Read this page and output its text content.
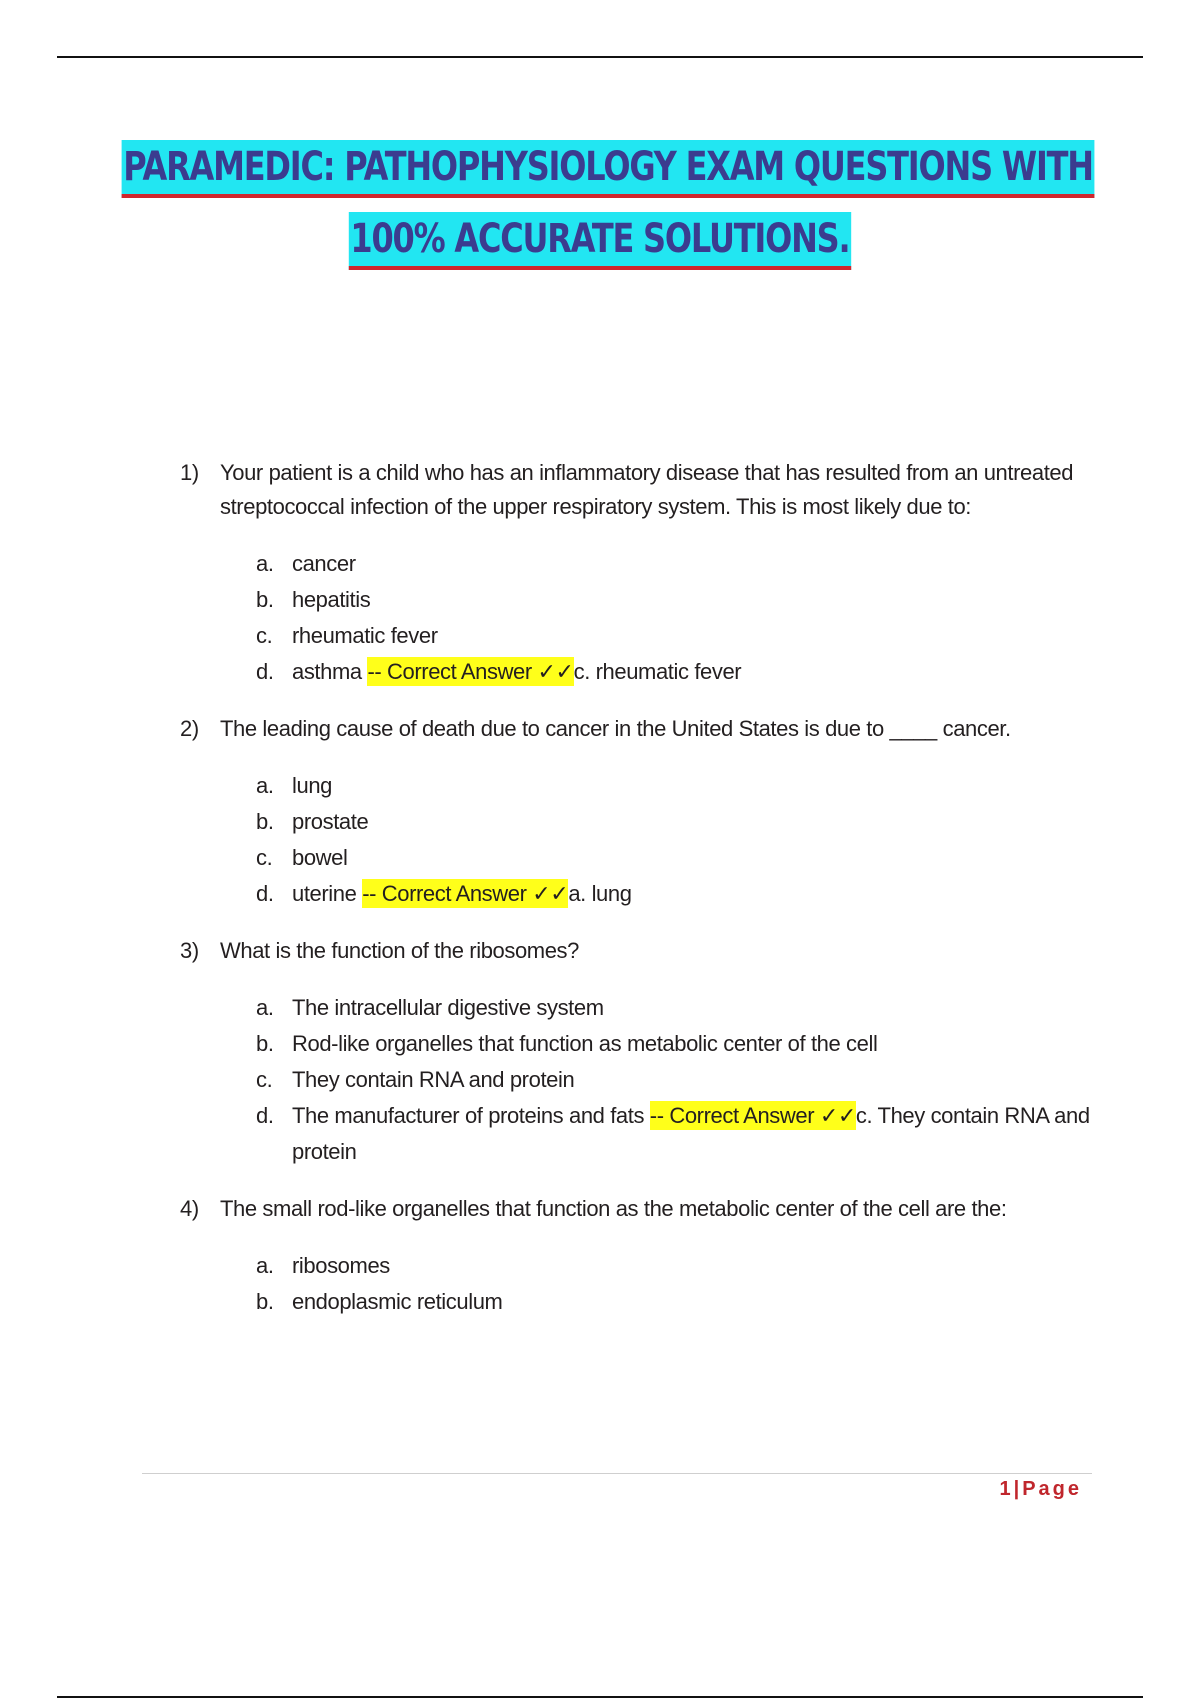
PARAMEDIC: PATHOPHYSIOLOGY EXAM QUESTIONS WITH
100% ACCURATE SOLUTIONS.
1) Your patient is a child who has an inflammatory disease that has resulted from an untreated streptococcal infection of the upper respiratory system. This is most likely due to:

a. cancer
b. hepatitis
c. rheumatic fever
d. asthma -- Correct Answer ✓✓c. rheumatic fever
2) The leading cause of death due to cancer in the United States is due to ____ cancer.

a. lung
b. prostate
c. bowel
d. uterine -- Correct Answer ✓✓a. lung
3) What is the function of the ribosomes?

a. The intracellular digestive system
b. Rod-like organelles that function as metabolic center of the cell
c. They contain RNA and protein
d. The manufacturer of proteins and fats -- Correct Answer ✓✓c. They contain RNA and protein
4) The small rod-like organelles that function as the metabolic center of the cell are the:

a. ribosomes
b. endoplasmic reticulum
1|Page
